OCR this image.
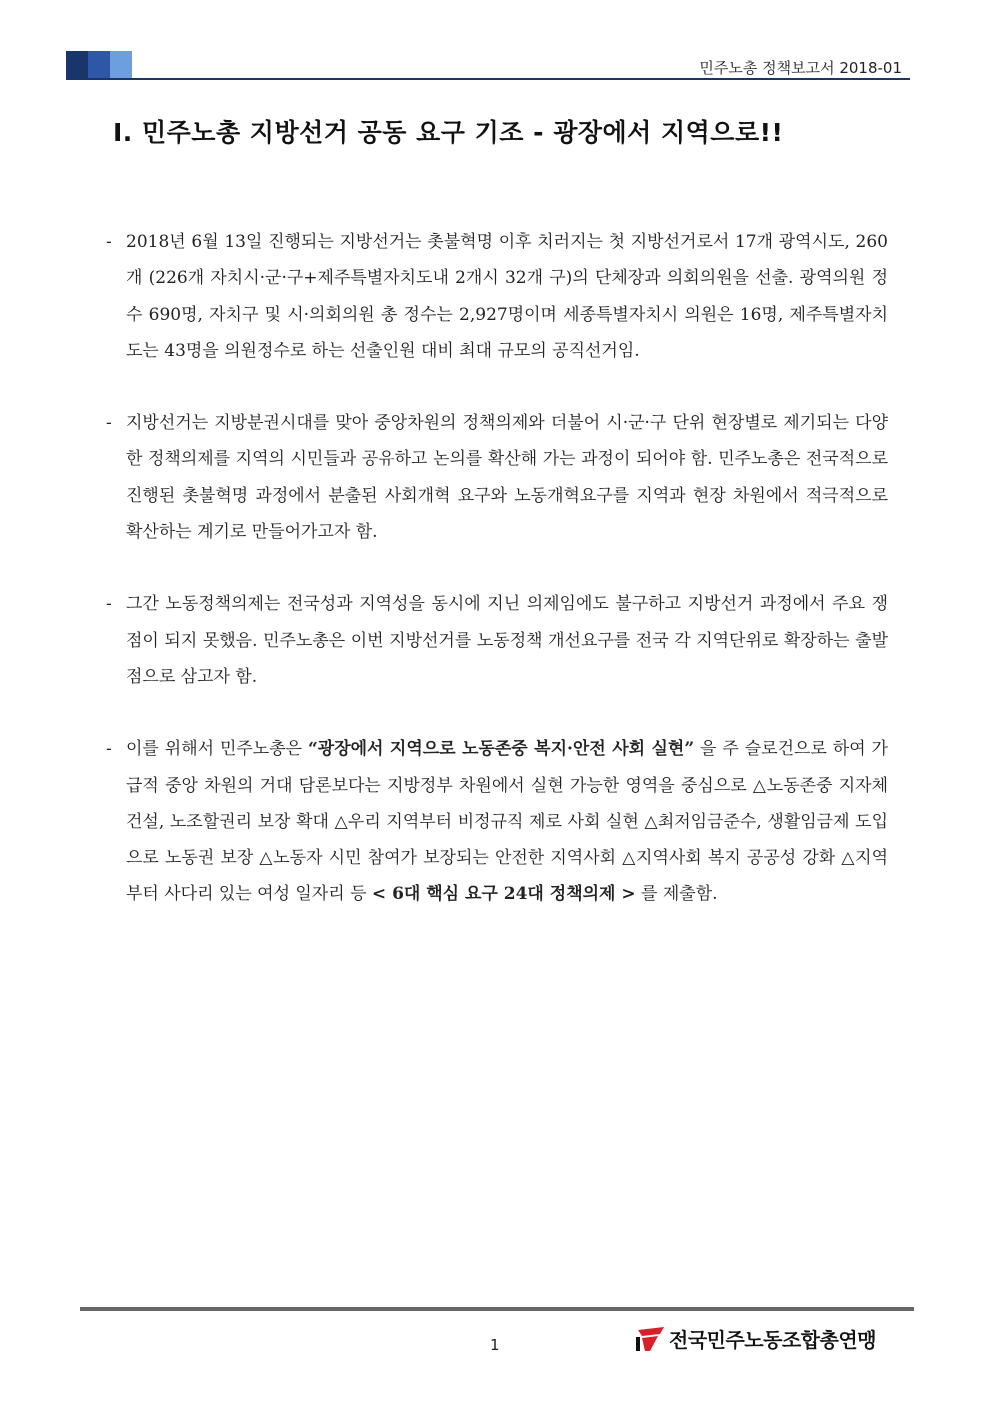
민주노총 정책보고서 2018-01
Ⅰ. 민주노총 지방선거 공동 요구 기조 - 광장에서 지역으로!!

- 2018년 6월 13일 진행되는 지방선거는 촛불혁명 이후 치러지는 첫 지방선거로서 17개 광역시도, 260개 (226개 자치시·군·구+제주특별자치도내 2개시 32개 구)의 단체장과 의회의원을 선출. 광역의원 정수 690명, 자치구 및 시·의회의원 총 정수는 2,927명이며 세종특별자치시 의원은 16명, 제주특별자치도는 43명을 의원정수로 하는 선출인원 대비 최대 규모의 공직선거임.

- 지방선거는 지방분권시대를 맞아 중앙차원의 정책의제와 더불어 시·군·구 단위 현장별로 제기되는 다양한 정책의제를 지역의 시민들과 공유하고 논의를 확산해 가는 과정이 되어야 함. 민주노총은 전국적으로 진행된 촛불혁명 과정에서 분출된 사회개혁 요구와 노동개혁요구를 지역과 현장 차원에서 적극적으로 확산하는 계기로 만들어가고자 함.

- 그간 노동정책의제는 전국성과 지역성을 동시에 지닌 의제임에도 불구하고 지방선거 과정에서 주요 쟁점이 되지 못했음. 민주노총은 이번 지방선거를 노동정책 개선요구를 전국 각 지역단위로 확장하는 출발점으로 삼고자 함.

- 이를 위해서 민주노총은 “광장에서 지역으로 노동존중 복지·안전 사회 실현” 을 주 슬로건으로 하여 가급적 중앙 차원의 거대 담론보다는 지방정부 차원에서 실현 가능한 영역을 중심으로 △노동존중 지자체 건설, 노조할권리 보장 확대 △우리 지역부터 비정규직 제로 사회 실현 △최저임금준수, 생활임금제 도입으로 노동권 보장 △노동자 시민 참여가 보장되는 안전한 지역사회 △지역사회 복지 공공성 강화 △지역부터 사다리 있는 여성 일자리 등 < 6대 핵심 요구 24대 정책의제 > 를 제출함.

1	전국민주노동조합총연맹
